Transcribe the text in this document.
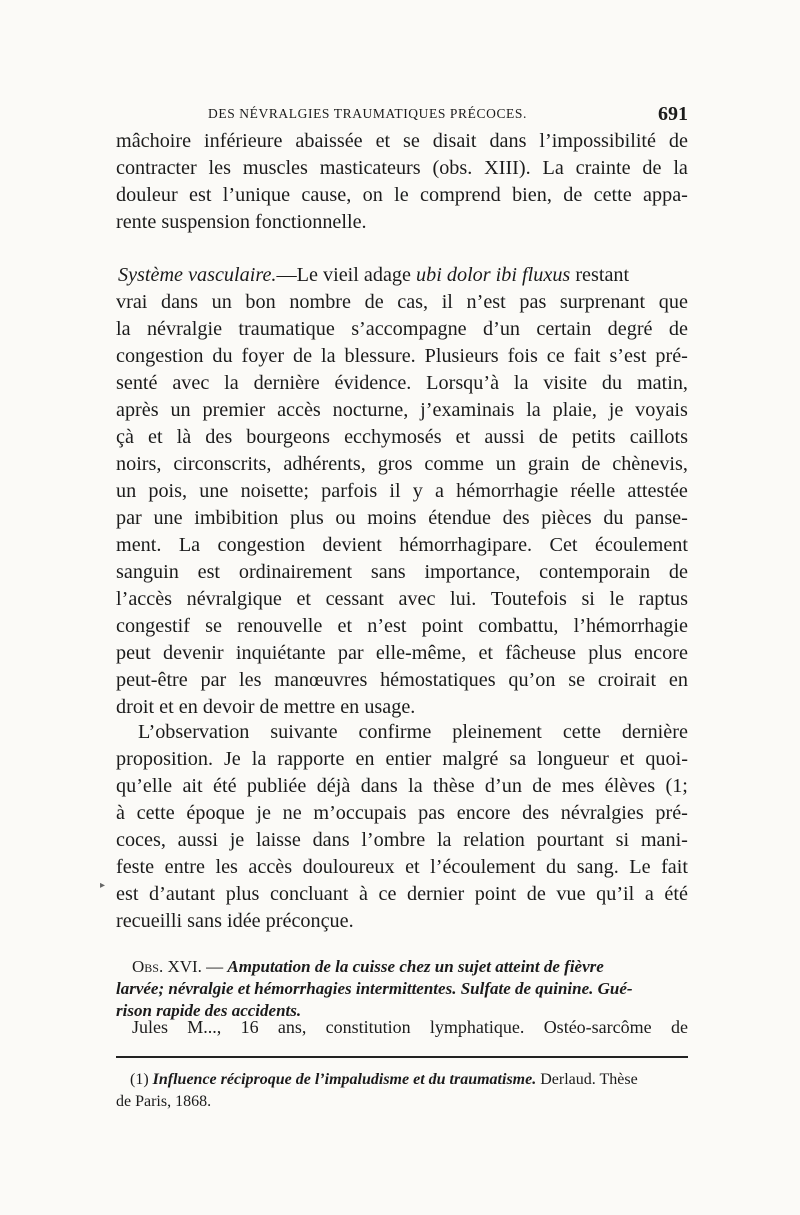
DES NÉVRALGIES TRAUMATIQUES PRÉCOCES.	691
mâchoire inférieure abaissée et se disait dans l’impossibilité de
contracter les muscles masticateurs (obs. XIII). La crainte de la
douleur est l’unique cause, on le comprend bien, de cette appa-
rente suspension fonctionnelle.
Système vasculaire. —Le vieil adage ubi dolor ibi fluxus restant
vrai dans un bon nombre de cas, il n’est pas surprenant que
la névralgie traumatique s’accompagne d’un certain degré de
congestion du foyer de la blessure. Plusieurs fois ce fait s’est pré-
senté avec la dernière évidence. Lorsqu’à la visite du matin,
après un premier accès nocturne, j’examinais la plaie, je voyais
çà et là des bourgeons ecchymosés et aussi de petits caillots
noirs, circonscrits, adhérents, gros comme un grain de chènevis,
un pois, une noisette; parfois il y a hémorrhagie réelle attestée
par une imbibition plus ou moins étendue des pièces du panse-
ment. La congestion devient hémorrhagipare. Cet écoulement
sanguin est ordinairement sans importance, contemporain de
l’accès névralgique et cessant avec lui. Toutefois si le raptus
congestif se renouvelle et n’est point combattu, l’hémorrhagie
peut devenir inquiétante par elle-même, et fâcheuse plus encore
peut-être par les manœuvres hémostatiques qu’on se croirait en
droit et en devoir de mettre en usage.
L’observation suivante confirme pleinement cette dernière
proposition. Je la rapporte en entier malgré sa longueur et quoi-
qu’elle ait été publiée déjà dans la thèse d’un de mes élèves (1;
à cette époque je ne m’occupais pas encore des névralgies pré-
coces, aussi je laisse dans l’ombre la relation pourtant si mani-
feste entre les accès douloureux et l’écoulement du sang. Le fait
est d’autant plus concluant à ce dernier point de vue qu’il a été
recueilli sans idée préconçue.
▸
Obs. XVI. — Amputation de la cuisse chez un sujet atteint de fièvre
larvée; névralgie et hémorrhagies intermittentes. Sulfate de quinine. Gué-
rison rapide des accidents.
Jules M..., 16 ans, constitution lymphatique. Ostéo-sarcôme de
(1) Influence réciproque de l’impaludisme et du traumatisme. Derlaud. Thèse
de Paris, 1868.
